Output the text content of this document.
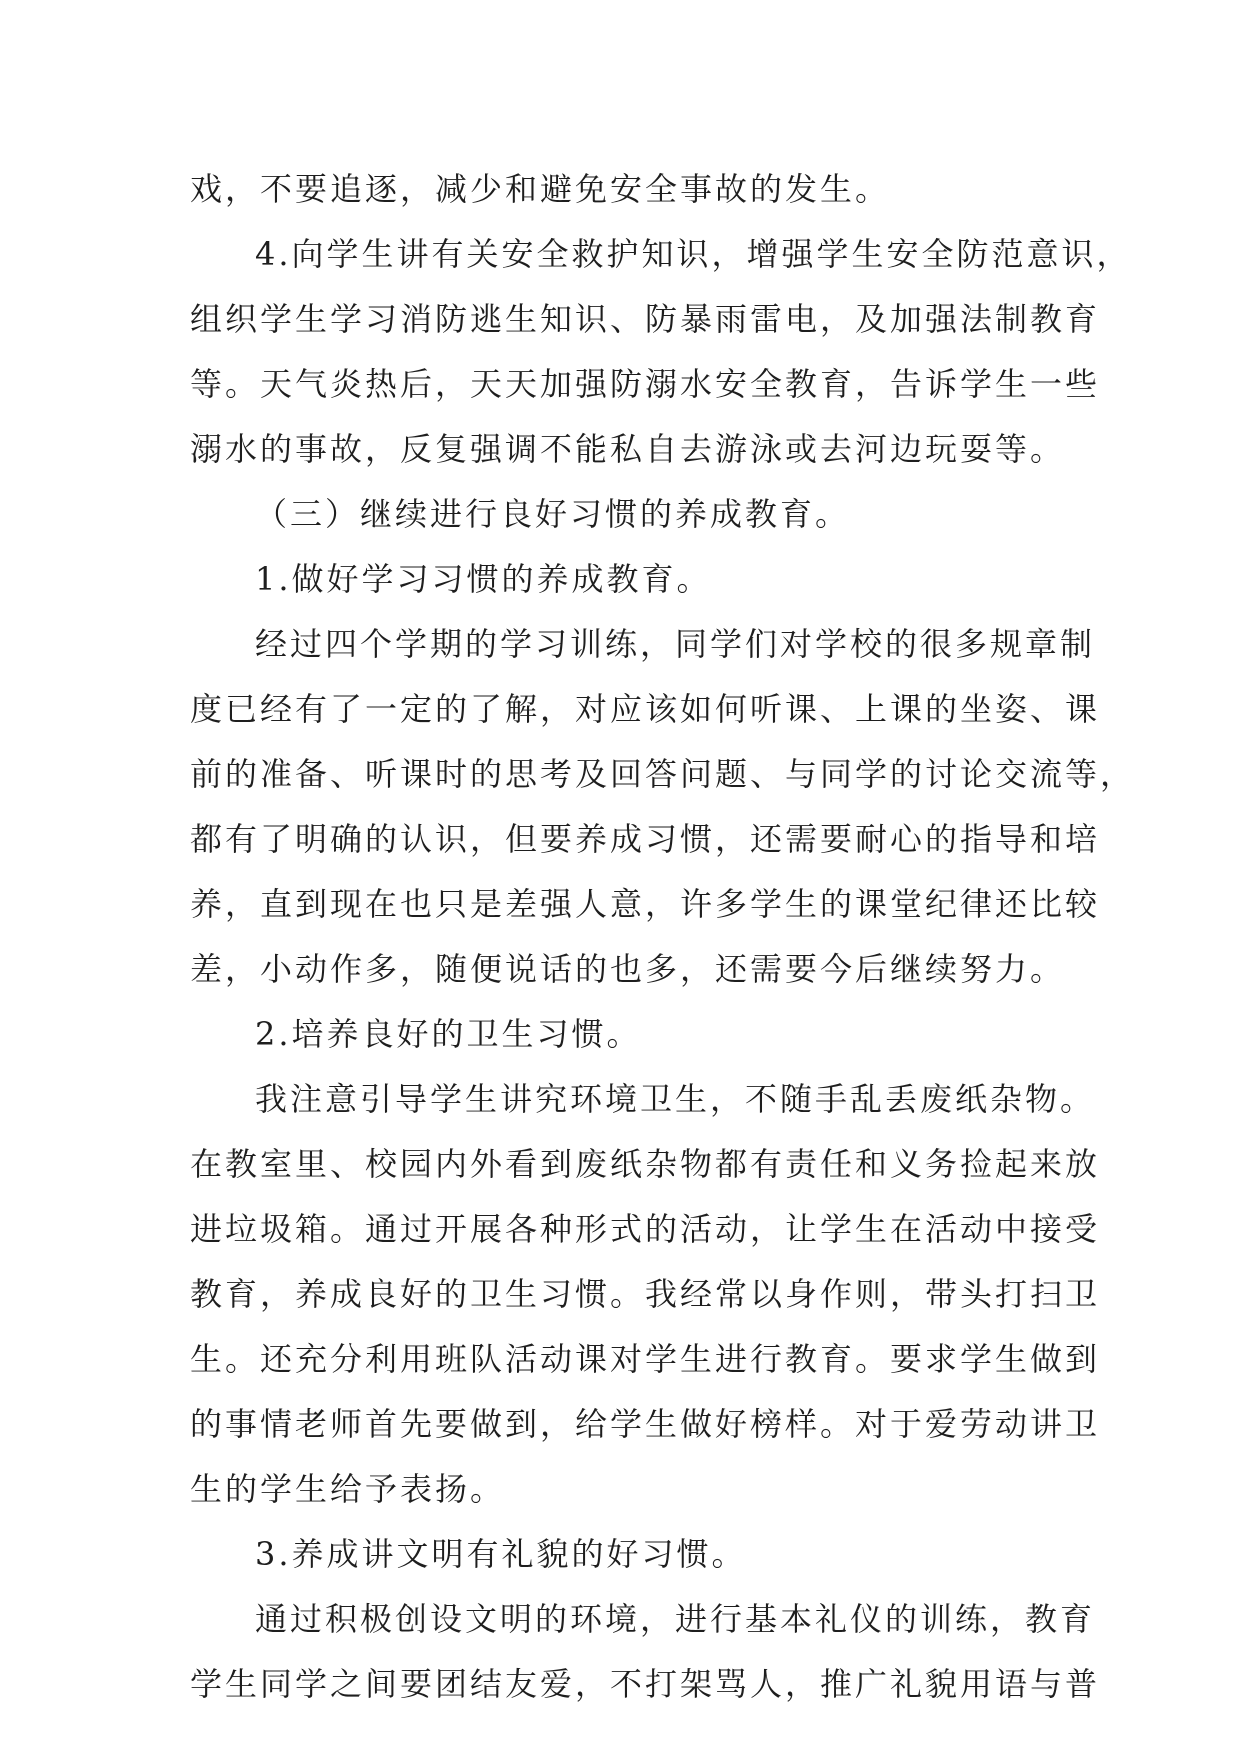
戏，不要追逐，减少和避免安全事故的发生。
4.向学生讲有关安全救护知识，增强学生安全防范意识，
组织学生学习消防逃生知识、防暴雨雷电，及加强法制教育
等。天气炎热后，天天加强防溺水安全教育，告诉学生一些
溺水的事故，反复强调不能私自去游泳或去河边玩耍等。
（三）继续进行良好习惯的养成教育。
1.做好学习习惯的养成教育。
经过四个学期的学习训练，同学们对学校的很多规章制
度已经有了一定的了解，对应该如何听课、上课的坐姿、课
前的准备、听课时的思考及回答问题、与同学的讨论交流等，
都有了明确的认识，但要养成习惯，还需要耐心的指导和培
养，直到现在也只是差强人意，许多学生的课堂纪律还比较
差，小动作多，随便说话的也多，还需要今后继续努力。
2.培养良好的卫生习惯。
我注意引导学生讲究环境卫生，不随手乱丢废纸杂物。
在教室里、校园内外看到废纸杂物都有责任和义务捡起来放
进垃圾箱。通过开展各种形式的活动，让学生在活动中接受
教育，养成良好的卫生习惯。我经常以身作则，带头打扫卫
生。还充分利用班队活动课对学生进行教育。要求学生做到
的事情老师首先要做到，给学生做好榜样。对于爱劳动讲卫
生的学生给予表扬。
3.养成讲文明有礼貌的好习惯。
通过积极创设文明的环境，进行基本礼仪的训练，教育
学生同学之间要团结友爱，不打架骂人，推广礼貌用语与普
